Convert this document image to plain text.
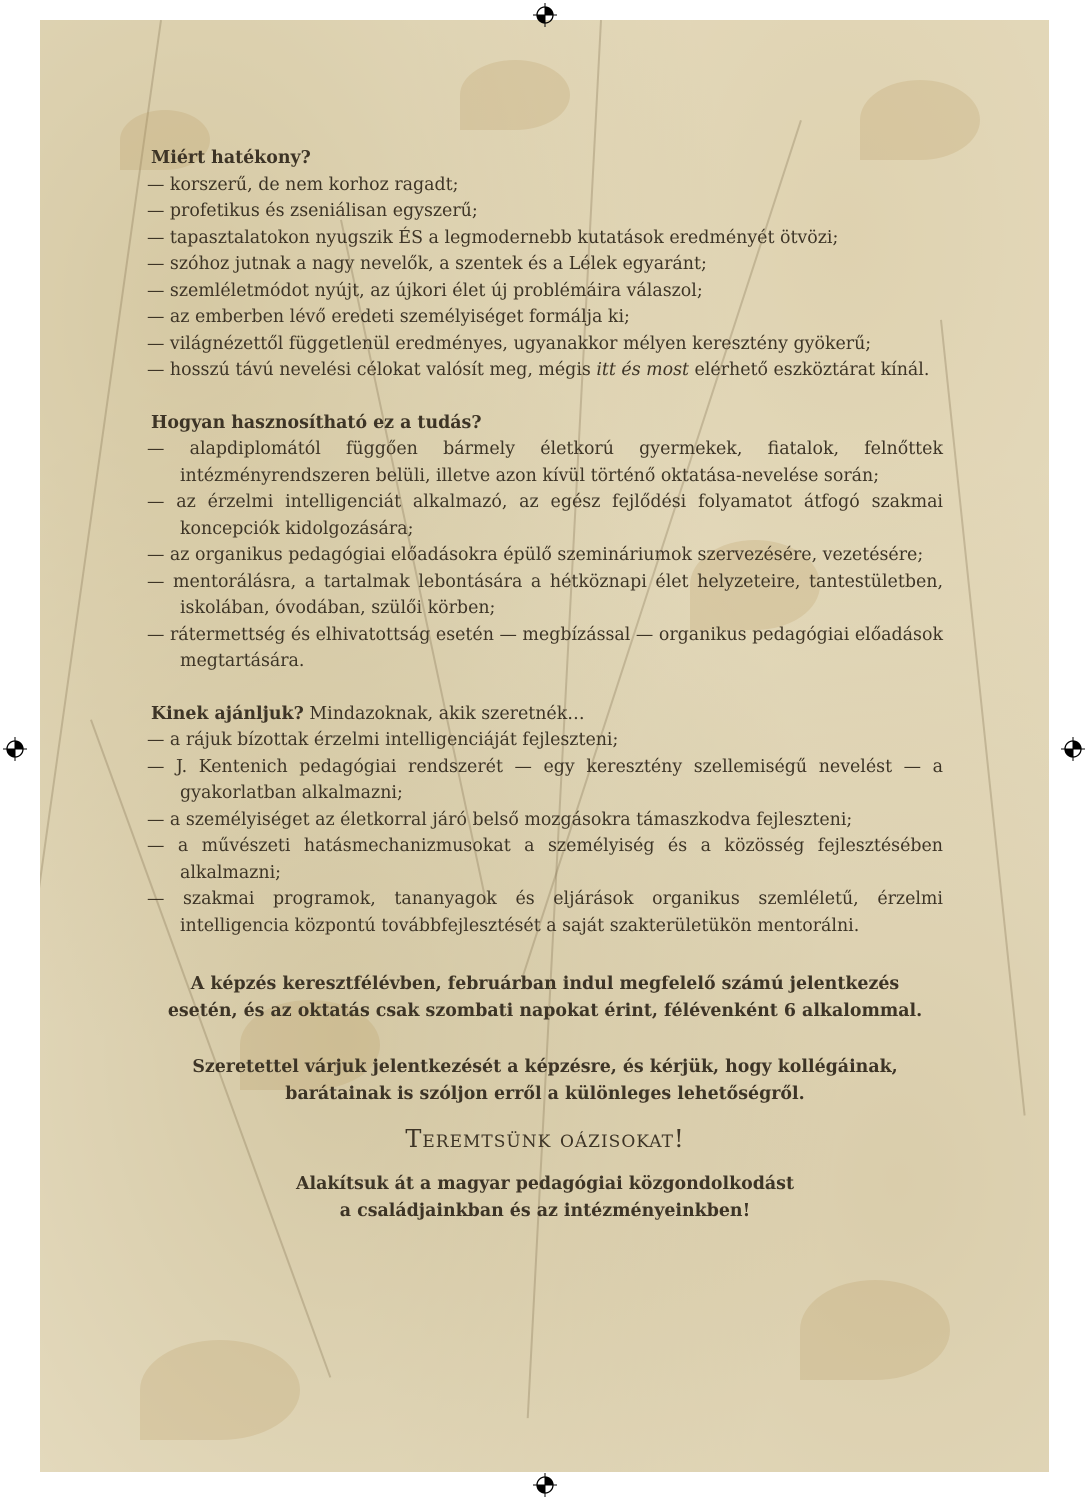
Miért hatékony?

— korszerű, de nem korhoz ragadt;

— profetikus és zseniálisan egyszerű;

— tapasztalatokon nyugszik ÉS a legmodernebb kutatások eredményét ötvözi;

— szóhoz jutnak a nagy nevelők, a szentek és a Lélek egyaránt;

— szemléletmódot nyújt, az újkori élet új problémáira válaszol;

— az emberben lévő eredeti személyiséget formálja ki;

— világnézettől függetlenül eredményes, ugyanakkor mélyen keresztény gyökerű;

— hosszú távú nevelési célokat valósít meg, mégis itt és most elérhető eszköztárat kínál.

Hogyan hasznosítható ez a tudás?

— alapdiplomától függően bármely életkorú gyermekek, fiatalok, felnőttek intézményrendszeren belüli, illetve azon kívül történő oktatása-nevelése során;

— az érzelmi intelligenciát alkalmazó, az egész fejlődési folyamatot átfogó szakmai koncepciók kidolgozására;

— az organikus pedagógiai előadásokra épülő szemináriumok szervezésére, vezetésére;

— mentorálásra, a tartalmak lebontására a hétköznapi élet helyzeteire, tantestületben, iskolában, óvodában, szülői körben;

— rátermettség és elhivatottság esetén — megbízással — organikus pedagógiai előadások megtartására.

Kinek ajánljuk? Mindazoknak, akik szeretnék…

— a rájuk bízottak érzelmi intelligenciáját fejleszteni;

— J. Kentenich pedagógiai rendszerét — egy keresztény szellemiségű nevelést — a gyakorlatban alkalmazni;

— a személyiséget az életkorral járó belső mozgásokra támaszkodva fejleszteni;

— a művészeti hatásmechanizmusokat a személyiség és a közösség fejlesztésében alkalmazni;

— szakmai programok, tananyagok és eljárások organikus szemléletű, érzelmi intelligencia központú továbbfejlesztését a saját szakterületükön mentorálni.

A képzés keresztfélévben, februárban indul megfelelő számú jelentkezés

esetén, és az oktatás csak szombati napokat érint, félévenként 6 alkalommal.

Szeretettel várjuk jelentkezését a képzésre, és kérjük, hogy kollégáinak,

barátainak is szóljon erről a különleges lehetőségről.

Teremtsünk oázisokat!

Alakítsuk át a magyar pedagógiai közgondolkodást

a családjainkban és az intézményeinkben!
